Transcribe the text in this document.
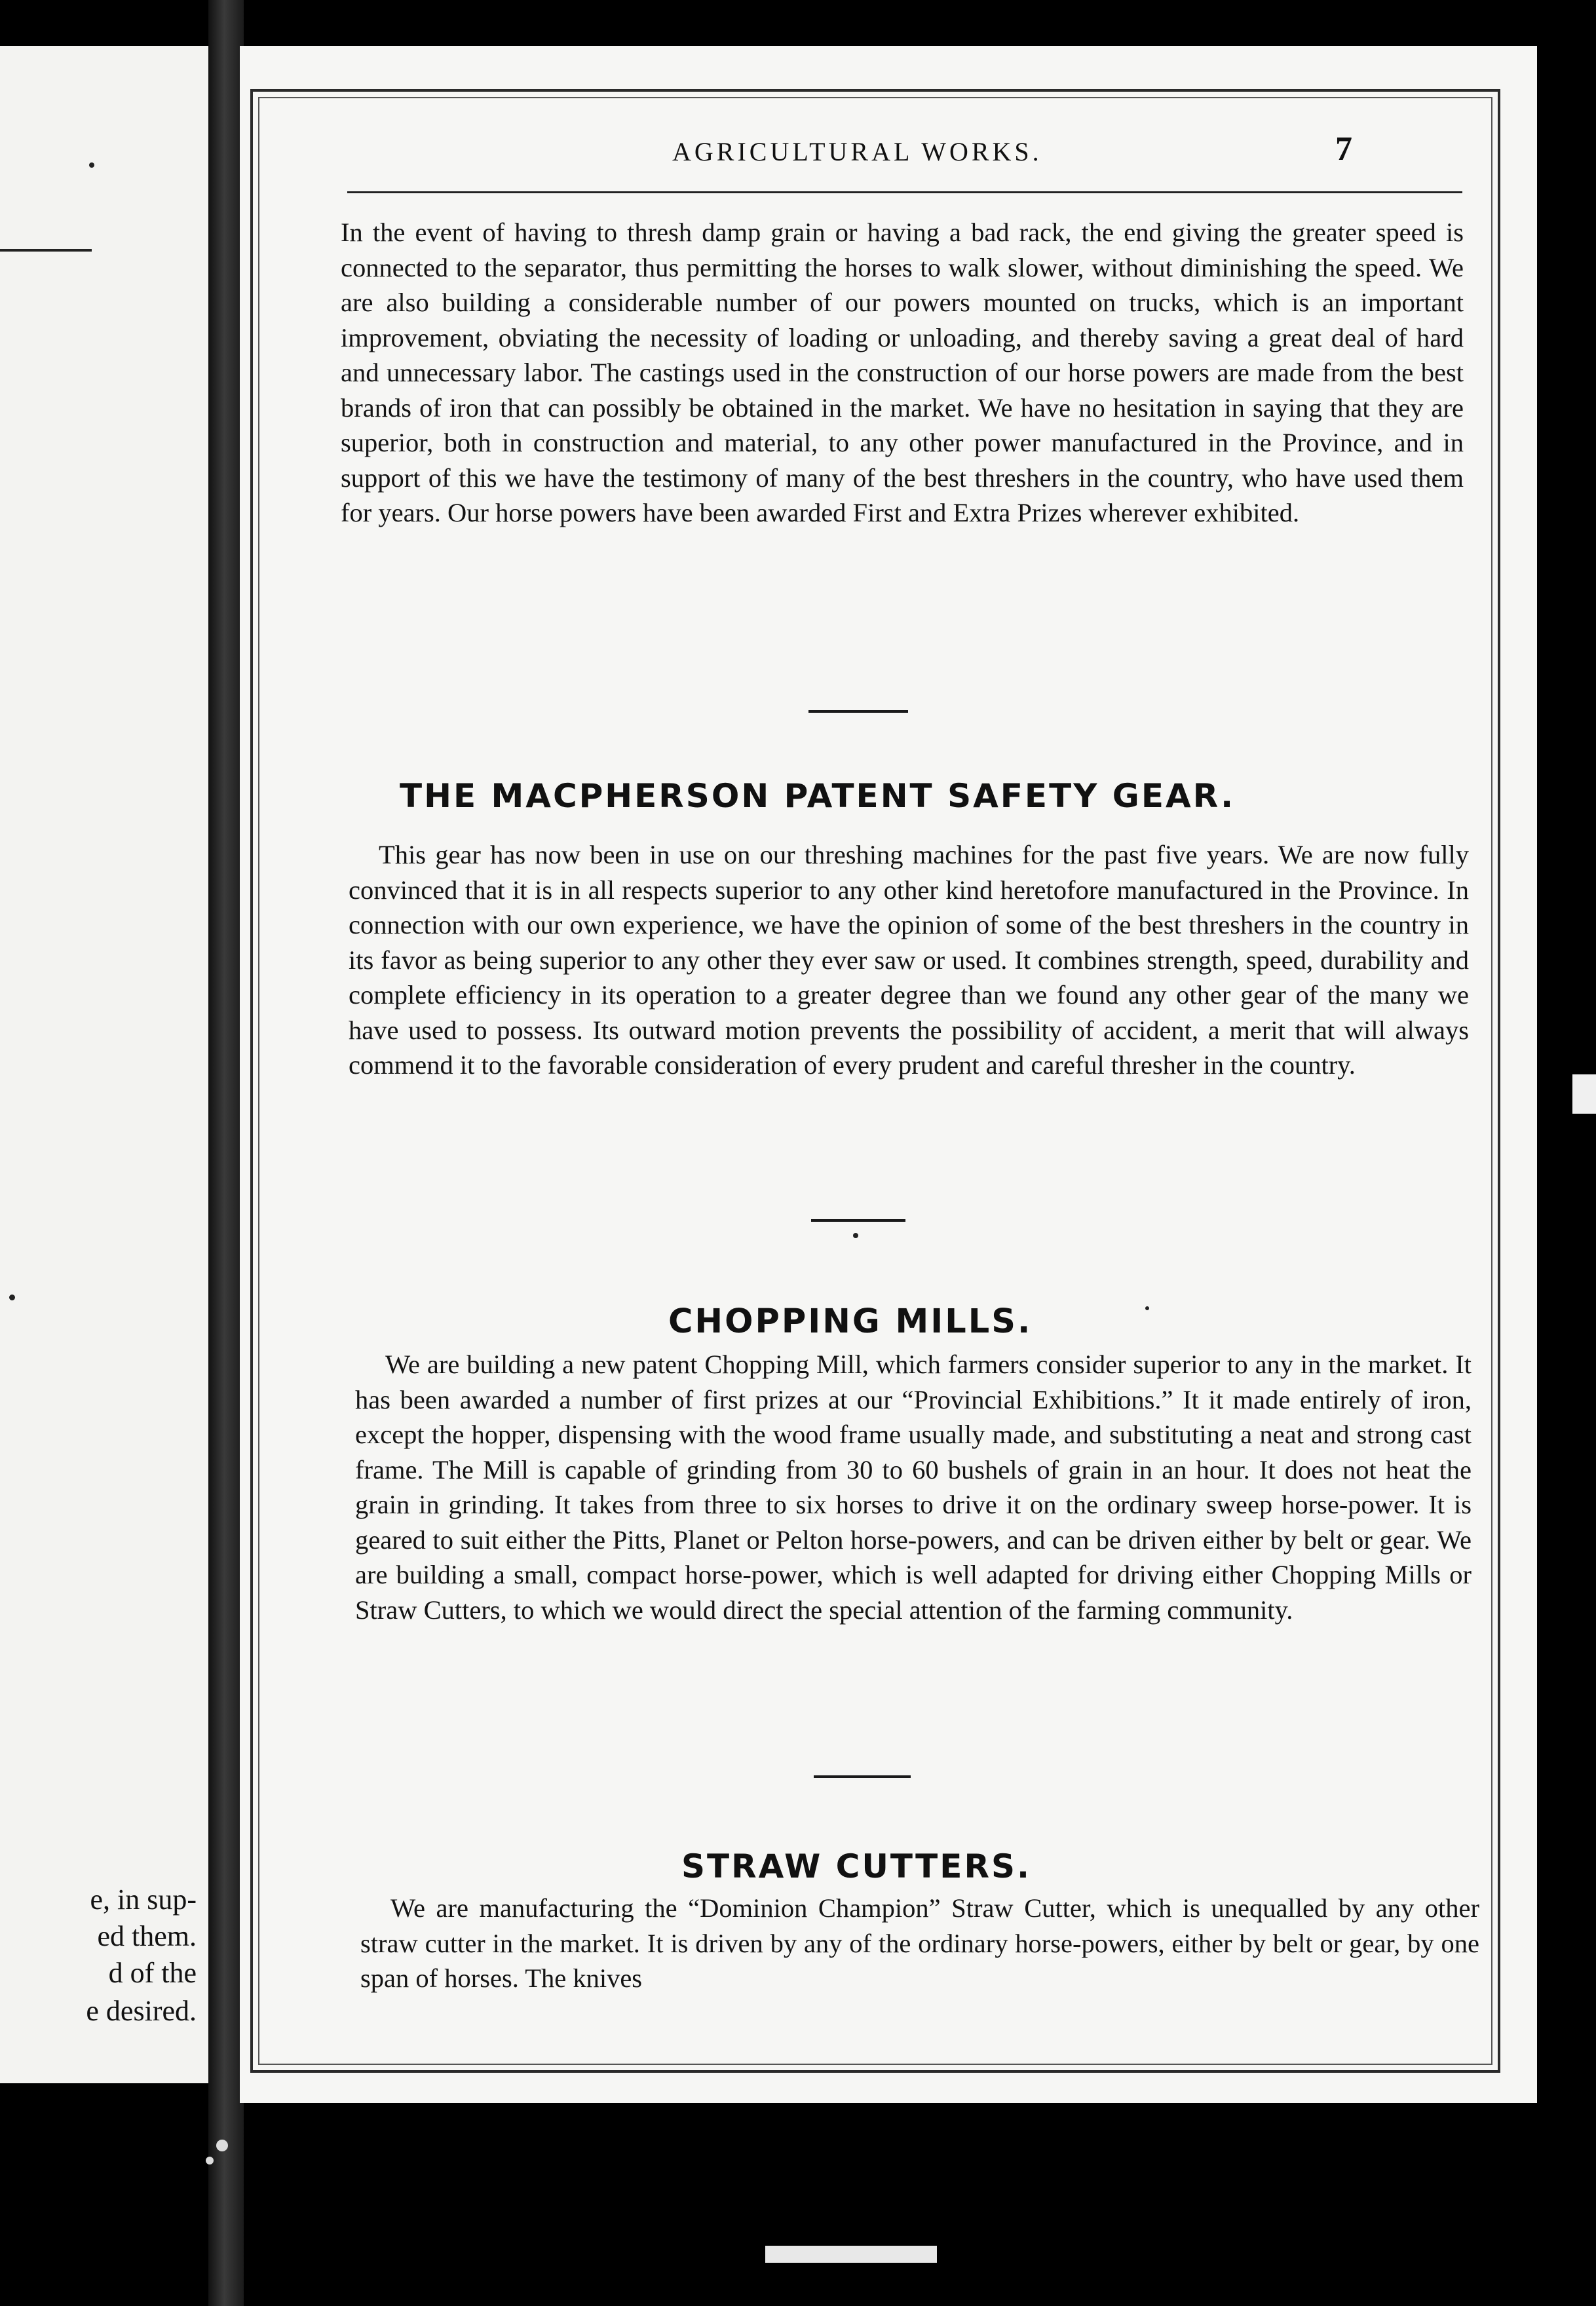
e, in sup-
ed them.
d of the
e desired.
AGRICULTURAL WORKS.	7

In the event of having to thresh damp grain or having a bad rack, the end giving the greater speed is connected to the separator, thus permitting the horses to walk slower, without diminishing the speed. We are also building a considerable number of our powers mounted on trucks, which is an important improvement, obviating the necessity of loading or unloading, and thereby saving a great deal of hard and unnecessary labor. The castings used in the construction of our horse powers are made from the best brands of iron that can possibly be obtained in the market. We have no hesitation in saying that they are superior, both in construction and material, to any other power manufactured in the Province, and in support of this we have the testimony of many of the best threshers in the country, who have used them for years. Our horse powers have been awarded First and Extra Prizes wherever exhibited.

THE MACPHERSON PATENT SAFETY GEAR.

This gear has now been in use on our threshing machines for the past five years. We are now fully convinced that it is in all respects superior to any other kind heretofore manufactured in the Province. In connection with our own experience, we have the opinion of some of the best threshers in the country in its favor as being superior to any other they ever saw or used. It combines strength, speed, durability and complete efficiency in its operation to a greater degree than we found any other gear of the many we have used to possess. Its outward motion prevents the possibility of accident, a merit that will always commend it to the favorable consideration of every prudent and careful thresher in the country.

CHOPPING MILLS.

We are building a new patent Chopping Mill, which farmers consider superior to any in the market. It has been awarded a number of first prizes at our “Provincial Exhibitions.” It it made entirely of iron, except the hopper, dispensing with the wood frame usually made, and substituting a neat and strong cast frame. The Mill is capable of grinding from 30 to 60 bushels of grain in an hour. It does not heat the grain in grinding. It takes from three to six horses to drive it on the ordinary sweep horse-power. It is geared to suit either the Pitts, Planet or Pelton horse-powers, and can be driven either by belt or gear. We are building a small, compact horse-power, which is well adapted for driving either Chopping Mills or Straw Cutters, to which we would direct the special attention of the farming community.

STRAW CUTTERS.

We are manufacturing the “Dominion Champion” Straw Cutter, which is unequalled by any other straw cutter in the market. It is driven by any of the ordinary horse-powers, either by belt or gear, by one span of horses. The knives
